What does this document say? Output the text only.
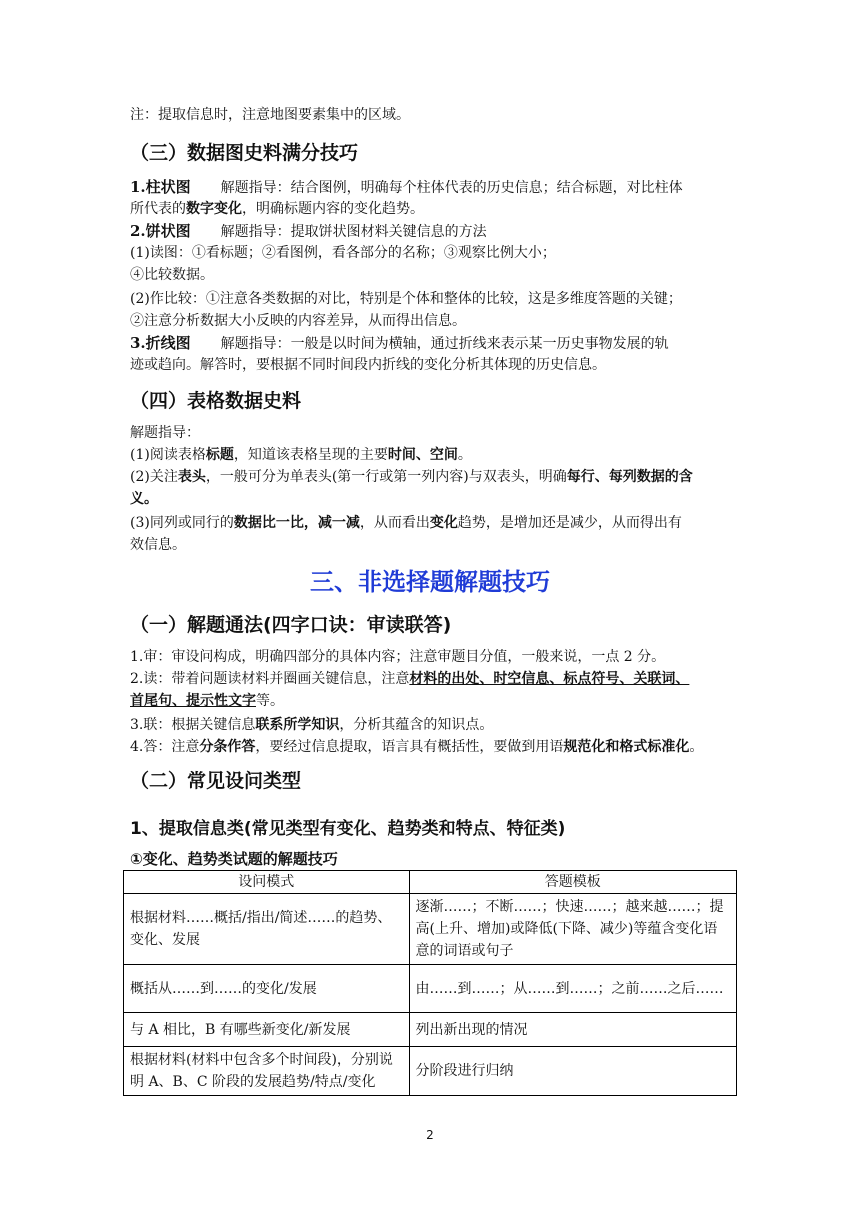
注：提取信息时，注意地图要素集中的区域。
（三）数据图史料满分技巧
1.柱状图 解题指导：结合图例，明确每个柱体代表的历史信息；结合标题，对比柱体
所代表的数字变化，明确标题内容的变化趋势。
2.饼状图 解题指导：提取饼状图材料关键信息的方法
(1)读图：①看标题；②看图例，看各部分的名称；③观察比例大小；
④比较数据。
(2)作比较：①注意各类数据的对比，特别是个体和整体的比较，这是多维度答题的关键；
②注意分析数据大小反映的内容差异，从而得出信息。
3.折线图 解题指导：一般是以时间为横轴，通过折线来表示某一历史事物发展的轨
迹或趋向。解答时，要根据不同时间段内折线的变化分析其体现的历史信息。
（四）表格数据史料
解题指导：
(1)阅读表格标题，知道该表格呈现的主要时间、空间。
(2)关注表头，一般可分为单表头(第一行或第一列内容)与双表头，明确每行、每列数据的含
义。
(3)同列或同行的数据比一比，减一减，从而看出变化趋势，是增加还是减少，从而得出有
效信息。
三、非选择题解题技巧
（一）解题通法(四字口诀：审读联答)
1.审：审设问构成，明确四部分的具体内容；注意审题目分值，一般来说，一点 2 分。
2.读：带着问题读材料并圈画关键信息，注意材料的出处、时空信息、标点符号、关联词、
首尾句、提示性文字等。
3.联：根据关键信息联系所学知识，分析其蕴含的知识点。
4.答：注意分条作答，要经过信息提取，语言具有概括性，要做到用语规范化和格式标准化。
（二）常见设问类型
1、提取信息类(常见类型有变化、趋势类和特点、特征类)
①变化、趋势类试题的解题技巧
设问模式	答题模板
根据材料……概括/指出/简述……的趋势、变化、发展	逐渐……；不断……；快速……；越来越……；提高(上升、增加)或降低(下降、减少)等蕴含变化语意的词语或句子
概括从……到……的变化/发展	由……到……；从……到……；之前……之后……
与 A 相比，B 有哪些新变化/新发展	列出新出现的情况
根据材料(材料中包含多个时间段)，分别说明 A、B、C 阶段的发展趋势/特点/变化	分阶段进行归纳
2
